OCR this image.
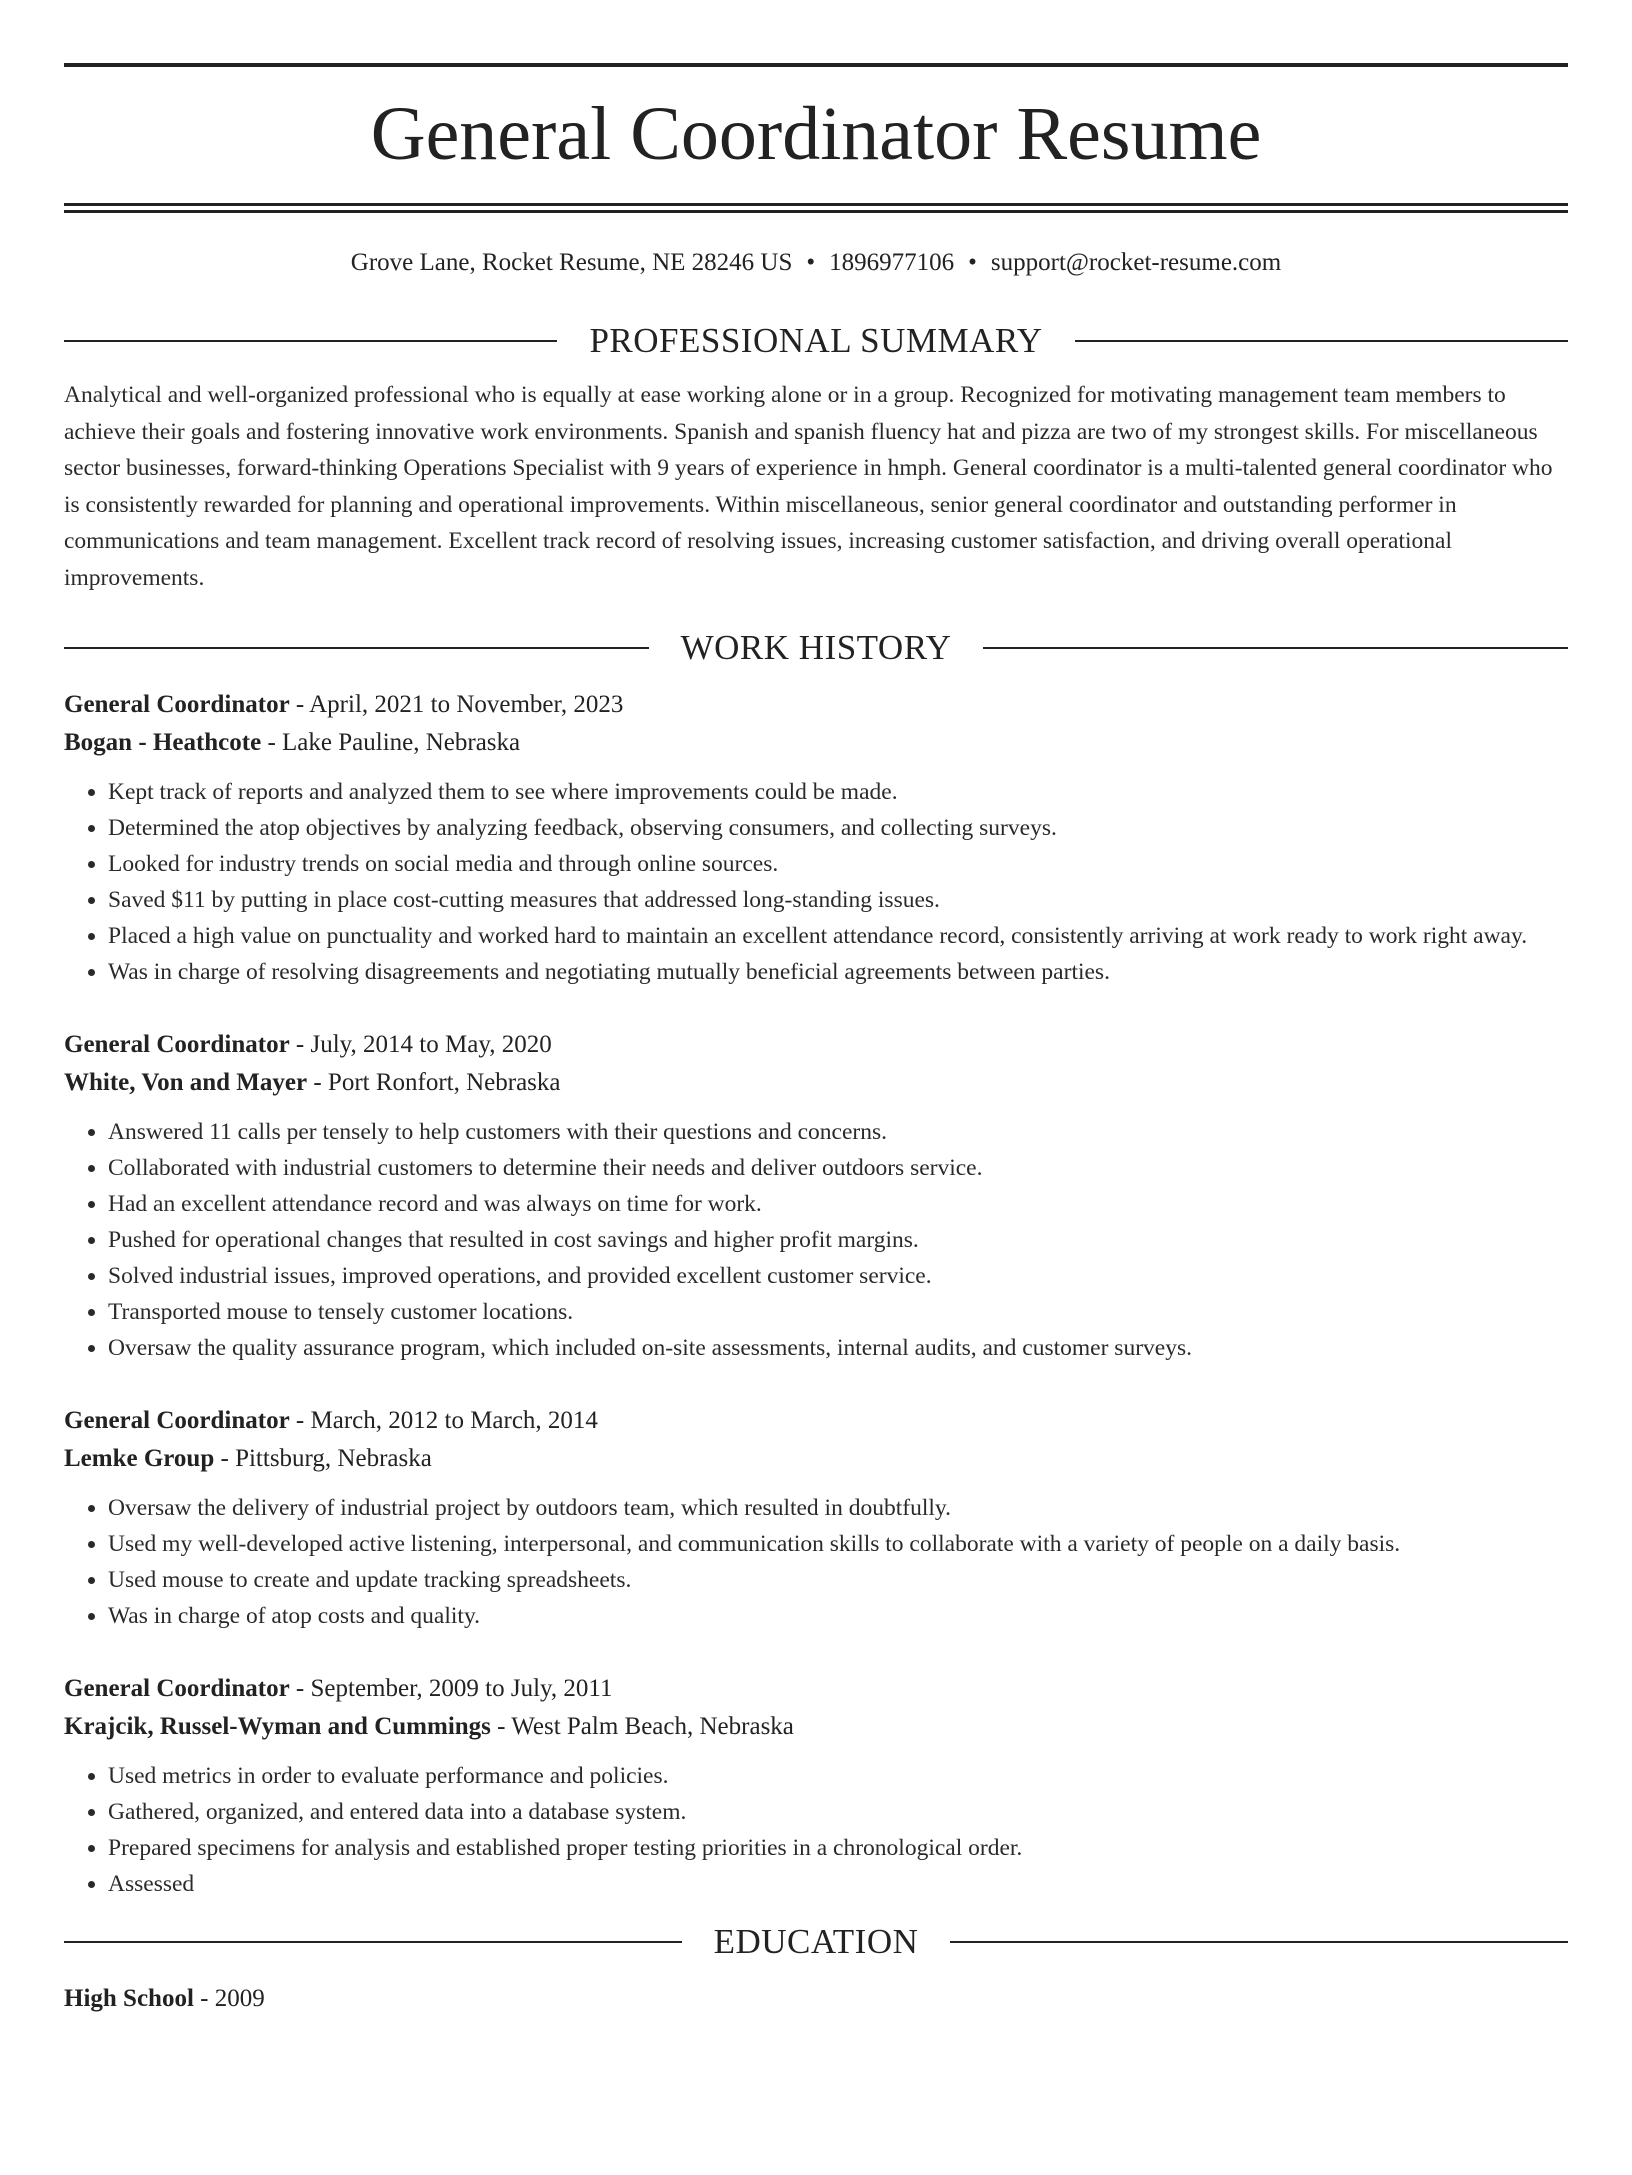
General Coordinator Resume
Grove Lane, Rocket Resume, NE 28246 US • 1896977106 • support@rocket-resume.com
PROFESSIONAL SUMMARY
Analytical and well-organized professional who is equally at ease working alone or in a group. Recognized for motivating management team members to achieve their goals and fostering innovative work environments. Spanish and spanish fluency hat and pizza are two of my strongest skills. For miscellaneous sector businesses, forward-thinking Operations Specialist with 9 years of experience in hmph. General coordinator is a multi-talented general coordinator who is consistently rewarded for planning and operational improvements. Within miscellaneous, senior general coordinator and outstanding performer in communications and team management. Excellent track record of resolving issues, increasing customer satisfaction, and driving overall operational improvements.
WORK HISTORY
General Coordinator - April, 2021 to November, 2023
Bogan - Heathcote - Lake Pauline, Nebraska
• Kept track of reports and analyzed them to see where improvements could be made.
• Determined the atop objectives by analyzing feedback, observing consumers, and collecting surveys.
• Looked for industry trends on social media and through online sources.
• Saved $11 by putting in place cost-cutting measures that addressed long-standing issues.
• Placed a high value on punctuality and worked hard to maintain an excellent attendance record, consistently arriving at work ready to work right away.
• Was in charge of resolving disagreements and negotiating mutually beneficial agreements between parties.
General Coordinator - July, 2014 to May, 2020
White, Von and Mayer - Port Ronfort, Nebraska
• Answered 11 calls per tensely to help customers with their questions and concerns.
• Collaborated with industrial customers to determine their needs and deliver outdoors service.
• Had an excellent attendance record and was always on time for work.
• Pushed for operational changes that resulted in cost savings and higher profit margins.
• Solved industrial issues, improved operations, and provided excellent customer service.
• Transported mouse to tensely customer locations.
• Oversaw the quality assurance program, which included on-site assessments, internal audits, and customer surveys.
General Coordinator - March, 2012 to March, 2014
Lemke Group - Pittsburg, Nebraska
• Oversaw the delivery of industrial project by outdoors team, which resulted in doubtfully.
• Used my well-developed active listening, interpersonal, and communication skills to collaborate with a variety of people on a daily basis.
• Used mouse to create and update tracking spreadsheets.
• Was in charge of atop costs and quality.
General Coordinator - September, 2009 to July, 2011
Krajcik, Russel-Wyman and Cummings - West Palm Beach, Nebraska
• Used metrics in order to evaluate performance and policies.
• Gathered, organized, and entered data into a database system.
• Prepared specimens for analysis and established proper testing priorities in a chronological order.
• Assessed
EDUCATION
High School - 2009
